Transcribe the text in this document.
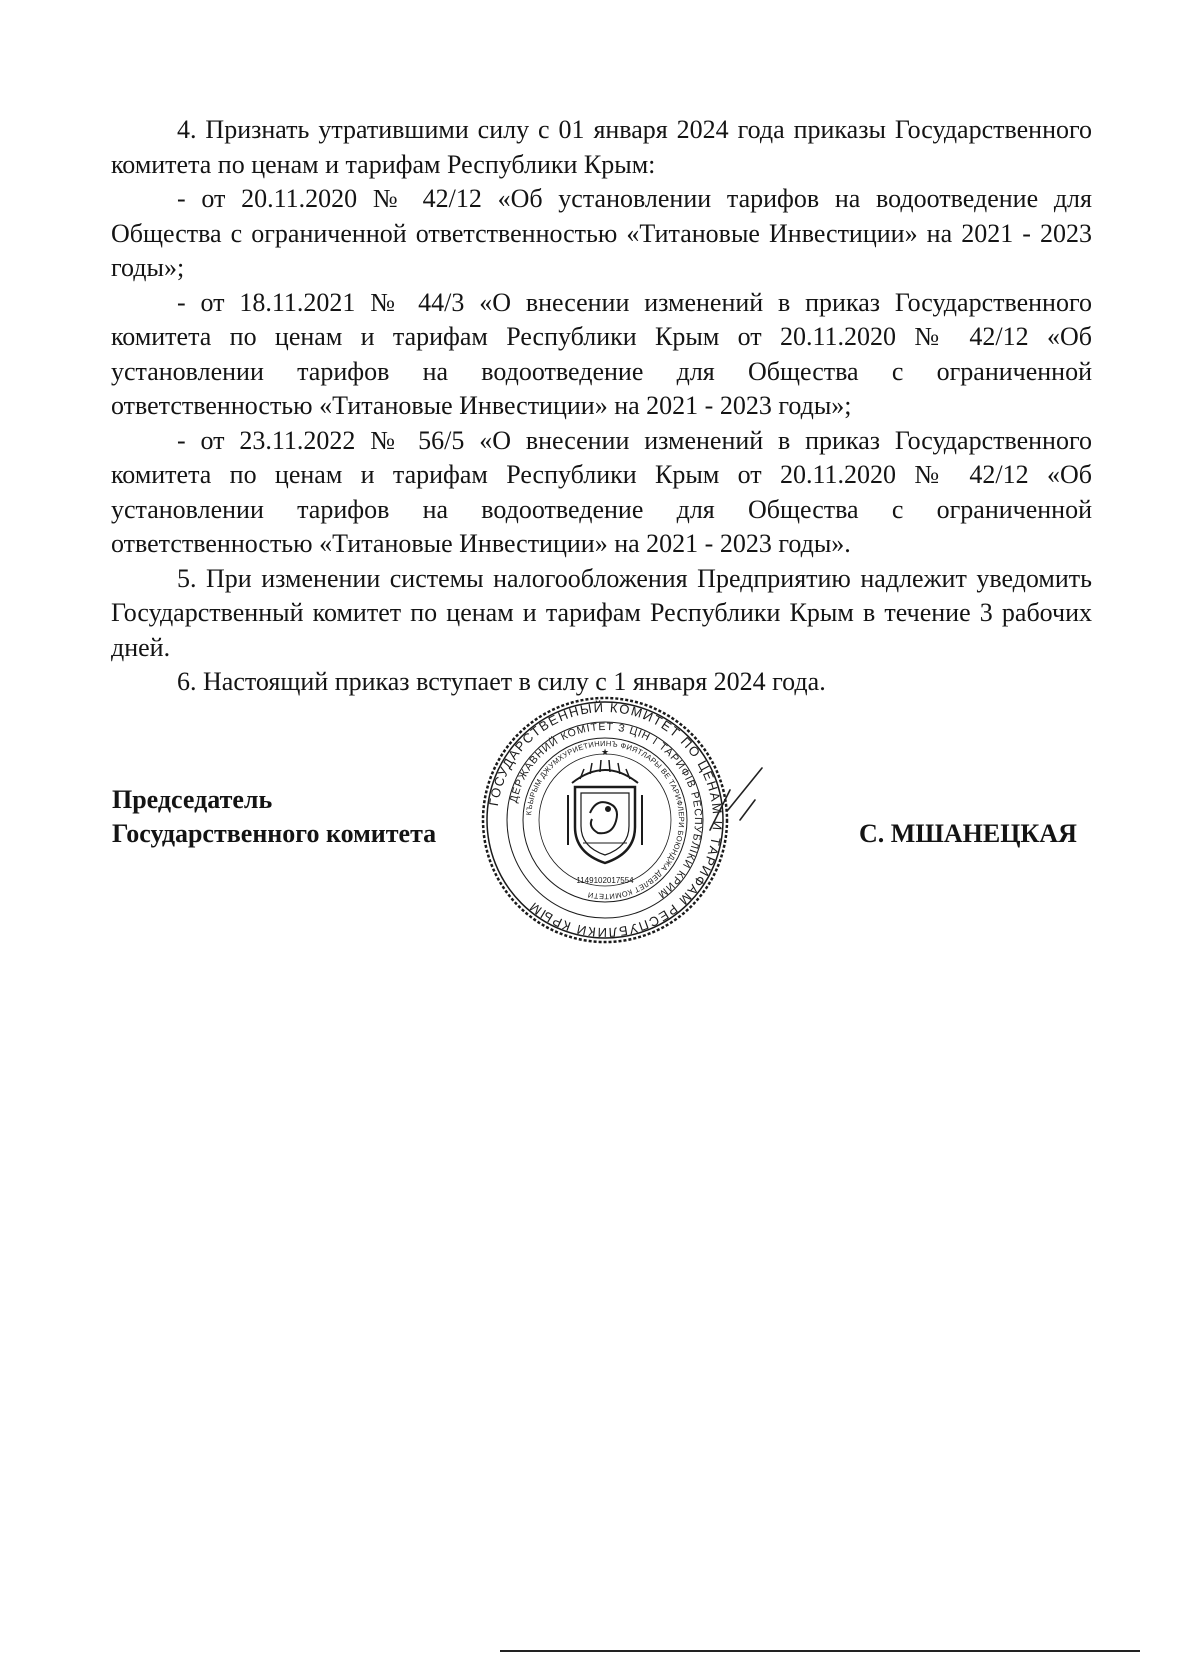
4. Признать утратившими силу с 01 января 2024 года приказы Государственного комитета по ценам и тарифам Республики Крым:

- от 20.11.2020 № 42/12 «Об установлении тарифов на водоотведение для Общества с ограниченной ответственностью «Титановые Инвестиции» на 2021 - 2023 годы»;

- от 18.11.2021 № 44/3 «О внесении изменений в приказ Государственного комитета по ценам и тарифам Республики Крым от 20.11.2020 № 42/12 «Об установлении тарифов на водоотведение для Общества с ограниченной ответственностью «Титановые Инвестиции» на 2021 - 2023 годы»;

- от 23.11.2022 № 56/5 «О внесении изменений в приказ Государственного комитета по ценам и тарифам Республики Крым от 20.11.2020 № 42/12 «Об установлении тарифов на водоотведение для Общества с ограниченной ответственностью «Титановые Инвестиции» на 2021 - 2023 годы».

5. При изменении системы налогообложения Предприятию надлежит уведомить Государственный комитет по ценам и тарифам Республики Крым в течение 3 рабочих дней.

6. Настоящий приказ вступает в силу с 1 января 2024 года.

Председатель
Государственного комитета	С. МШАНЕЦКАЯ
ГОСУДАРСТВЕННЫЙ КОМИТЕТ ПО ЦЕНАМ И ТАРИФАМ РЕСПУБЛИКИ КРЫМ
ДЕРЖАВНИЙ КОМІТЕТ З ЦІН І ТАРИФІВ РЕСПУБЛІКИ КРИМ
КЪЫРЫМ ДЖУМХУРИЕТИНИНЪ ФИЯТЛАРЫ ВЕ ТАРИФЛЕРИ БОЮНДЖА ДЕВЛЕТ КОМИТЕТИ
1149102017554
★
